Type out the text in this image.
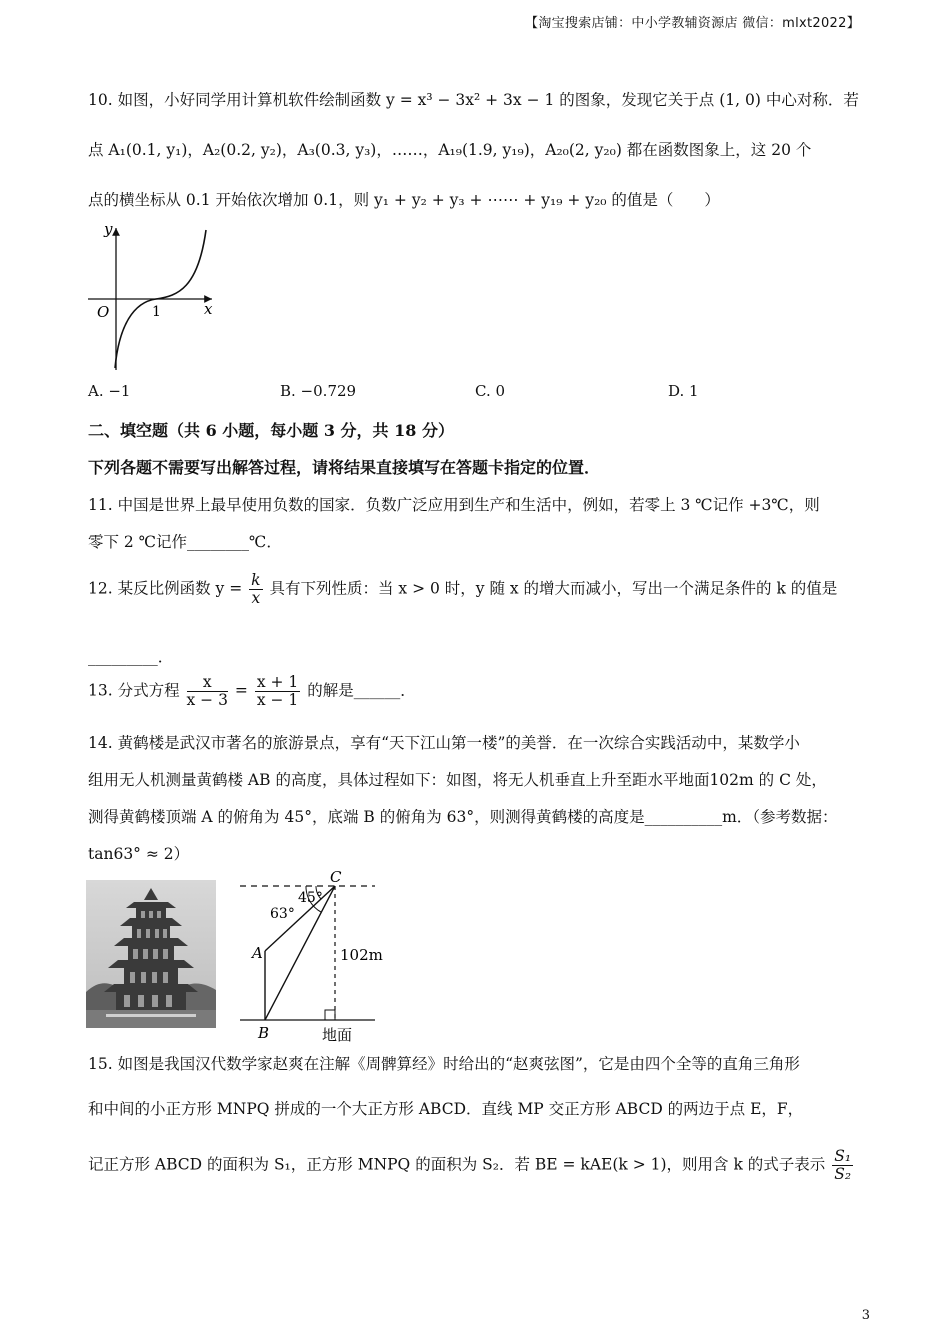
【淘宝搜索店铺：中小学教辅资源店 微信：mlxt2022】
10. 如图，小好同学用计算机软件绘制函数 y = x³ − 3x² + 3x − 1 的图象，发现它关于点 (1, 0) 中心对称．若
点 A₁(0.1, y₁)，A₂(0.2, y₂)，A₃(0.3, y₃)，……，A₁₉(1.9, y₁₉)，A₂₀(2, y₂₀) 都在函数图象上，这 20 个
点的横坐标从 0.1 开始依次增加 0.1，则 y₁ + y₂ + y₃ + ⋯⋯ + y₁₉ + y₂₀ 的值是（　　）
y
x
O	1
A. −1	B. −0.729	C. 0	D. 1
二、填空题（共 6 小题，每小题 3 分，共 18 分）
下列各题不需要写出解答过程，请将结果直接填写在答题卡指定的位置．
11. 中国是世界上最早使用负数的国家．负数广泛应用到生产和生活中，例如，若零上 3 ℃记作 +3℃，则
零下 2 ℃记作________℃．
12. 某反比例函数 $y = \frac{k}{x}$ 具有下列性质：当 x > 0 时，y 随 x 的增大而减小，写出一个满足条件的 k 的值是
_________．
13. 分式方程 $\frac{x}{x - 3} = \frac{x + 1}{x - 1}$ 的解是______．
14. 黄鹤楼是武汉市著名的旅游景点，享有“天下江山第一楼”的美誉．在一次综合实践活动中，某数学小
组用无人机测量黄鹤楼 AB 的高度，具体过程如下：如图，将无人机垂直上升至距水平地面102m 的 C 处，
测得黄鹤楼顶端 A 的俯角为 45°，底端 B 的俯角为 63°，则测得黄鹤楼的高度是__________m．（参考数据：
tan63° ≈ 2）
C
A
B
45°
63°
102m
地面
15. 如图是我国汉代数学家赵爽在注解《周髀算经》时给出的“赵爽弦图”，它是由四个全等的直角三角形
和中间的小正方形 MNPQ 拼成的一个大正方形 ABCD．直线 MP 交正方形 ABCD 的两边于点 E，F，
记正方形 ABCD 的面积为 S₁，正方形 MNPQ 的面积为 S₂．若 BE = kAE(k > 1)，则用含 k 的式子表示 $\frac{\text{S₁}}{\text{S₂}}$
3
